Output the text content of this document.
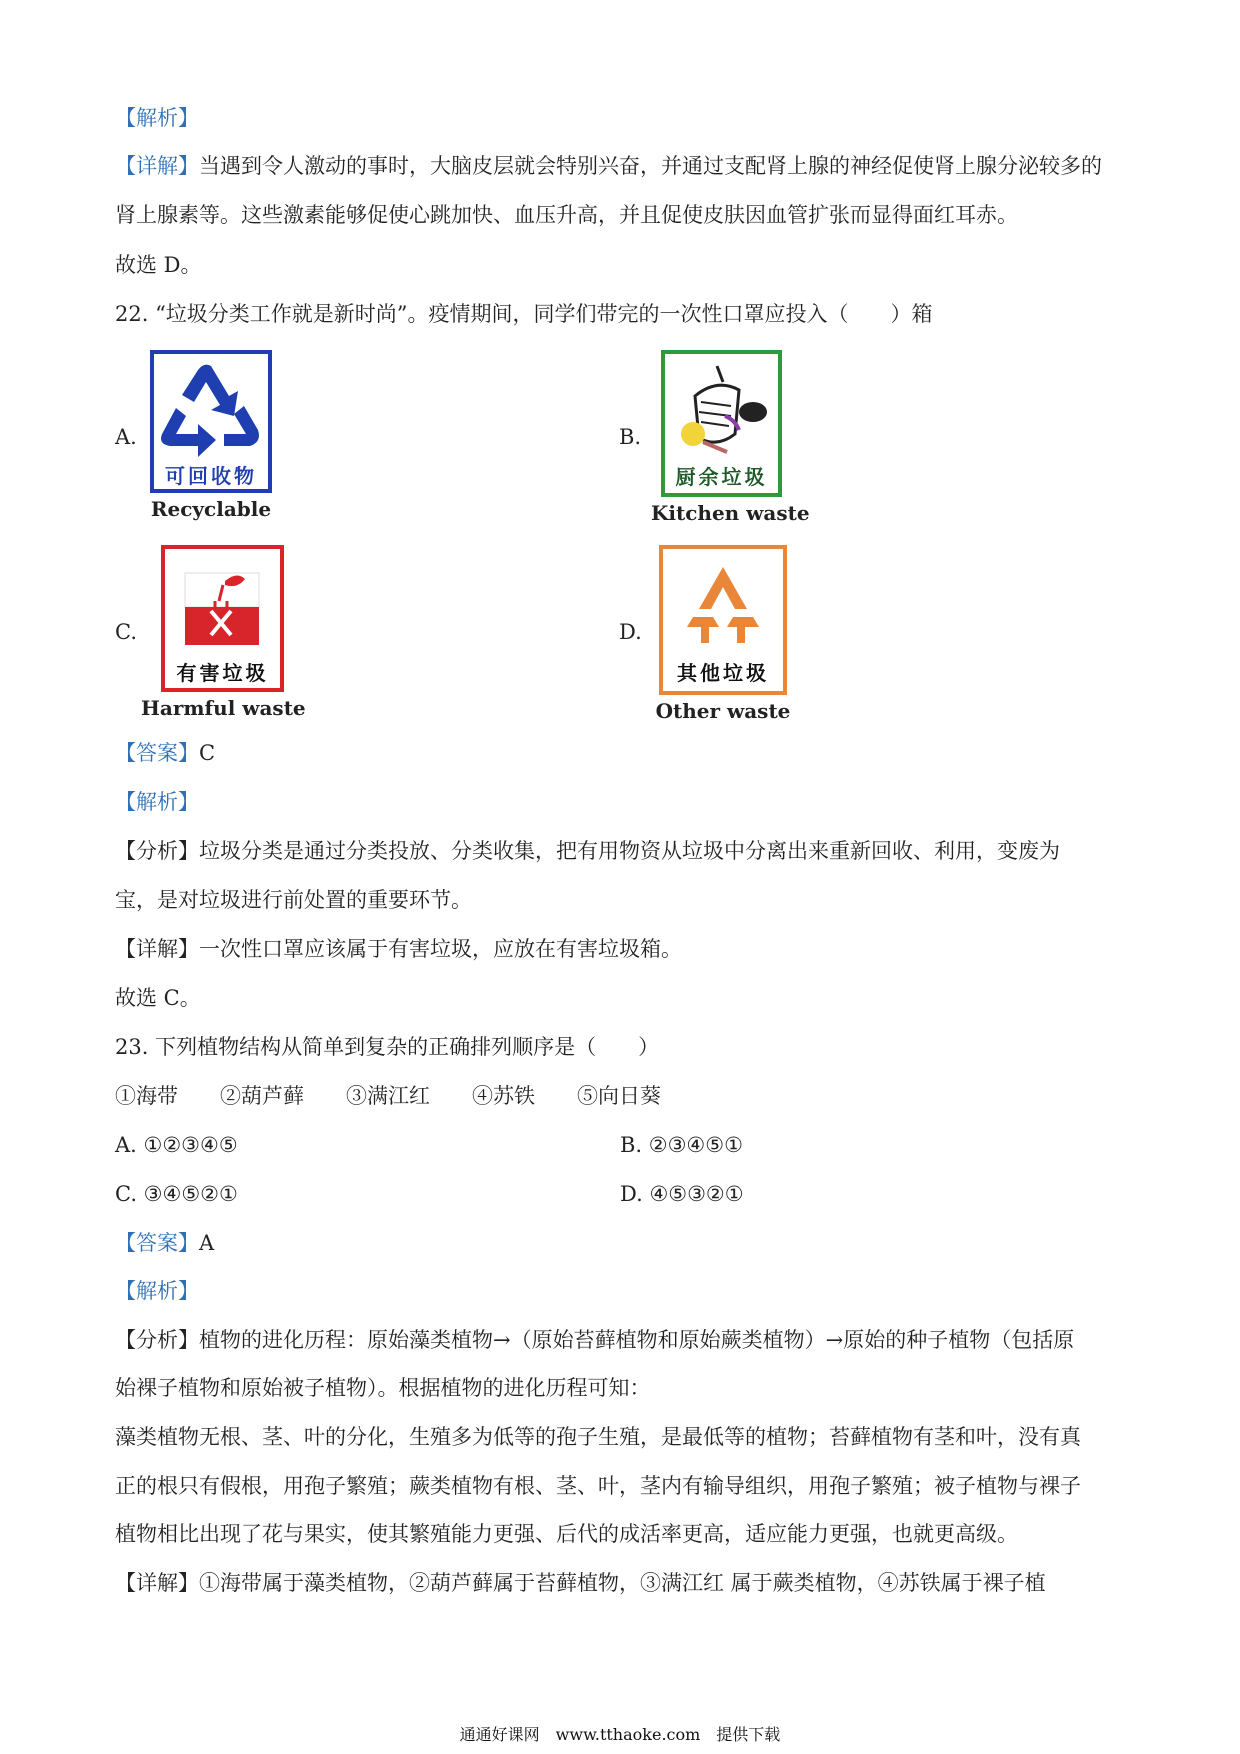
【解析】
【详解】当遇到令人激动的事时，大脑皮层就会特别兴奋，并通过支配肾上腺的神经促使肾上腺分泌较多的
肾上腺素等。这些激素能够促使心跳加快、血压升高，并且促使皮肤因血管扩张而显得面红耳赤。
故选 D。
22. “垃圾分类工作就是新时尚”。疫情期间，同学们带完的一次性口罩应投入（　　）箱
A.
可回收物
Recyclable
B.
厨余垃圾
Kitchen waste
C.
有害垃圾
Harmful waste
D.
其他垃圾
Other waste
【答案】C
【解析】
【分析】垃圾分类是通过分类投放、分类收集，把有用物资从垃圾中分离出来重新回收、利用，变废为
宝，是对垃圾进行前处置的重要环节。
【详解】一次性口罩应该属于有害垃圾，应放在有害垃圾箱。
故选 C。
23. 下列植物结构从简单到复杂的正确排列顺序是（　　）
①海带　　②葫芦藓　　③满江红　　④苏铁　　⑤向日葵
A. ①②③④⑤	B. ②③④⑤①
C. ③④⑤②①	D. ④⑤③②①
【答案】A
【解析】
【分析】植物的进化历程：原始藻类植物→（原始苔藓植物和原始蕨类植物）→原始的种子植物（包括原
始裸子植物和原始被子植物）。根据植物的进化历程可知：
藻类植物无根、茎、叶的分化，生殖多为低等的孢子生殖，是最低等的植物；苔藓植物有茎和叶，没有真
正的根只有假根，用孢子繁殖；蕨类植物有根、茎、叶，茎内有输导组织，用孢子繁殖；被子植物与裸子
植物相比出现了花与果实，使其繁殖能力更强、后代的成活率更高，适应能力更强，也就更高级。
【详解】①海带属于藻类植物，②葫芦藓属于苔藓植物，③满江红 属于蕨类植物，④苏铁属于裸子植
通通好课网　www.tthaoke.com　提供下载
